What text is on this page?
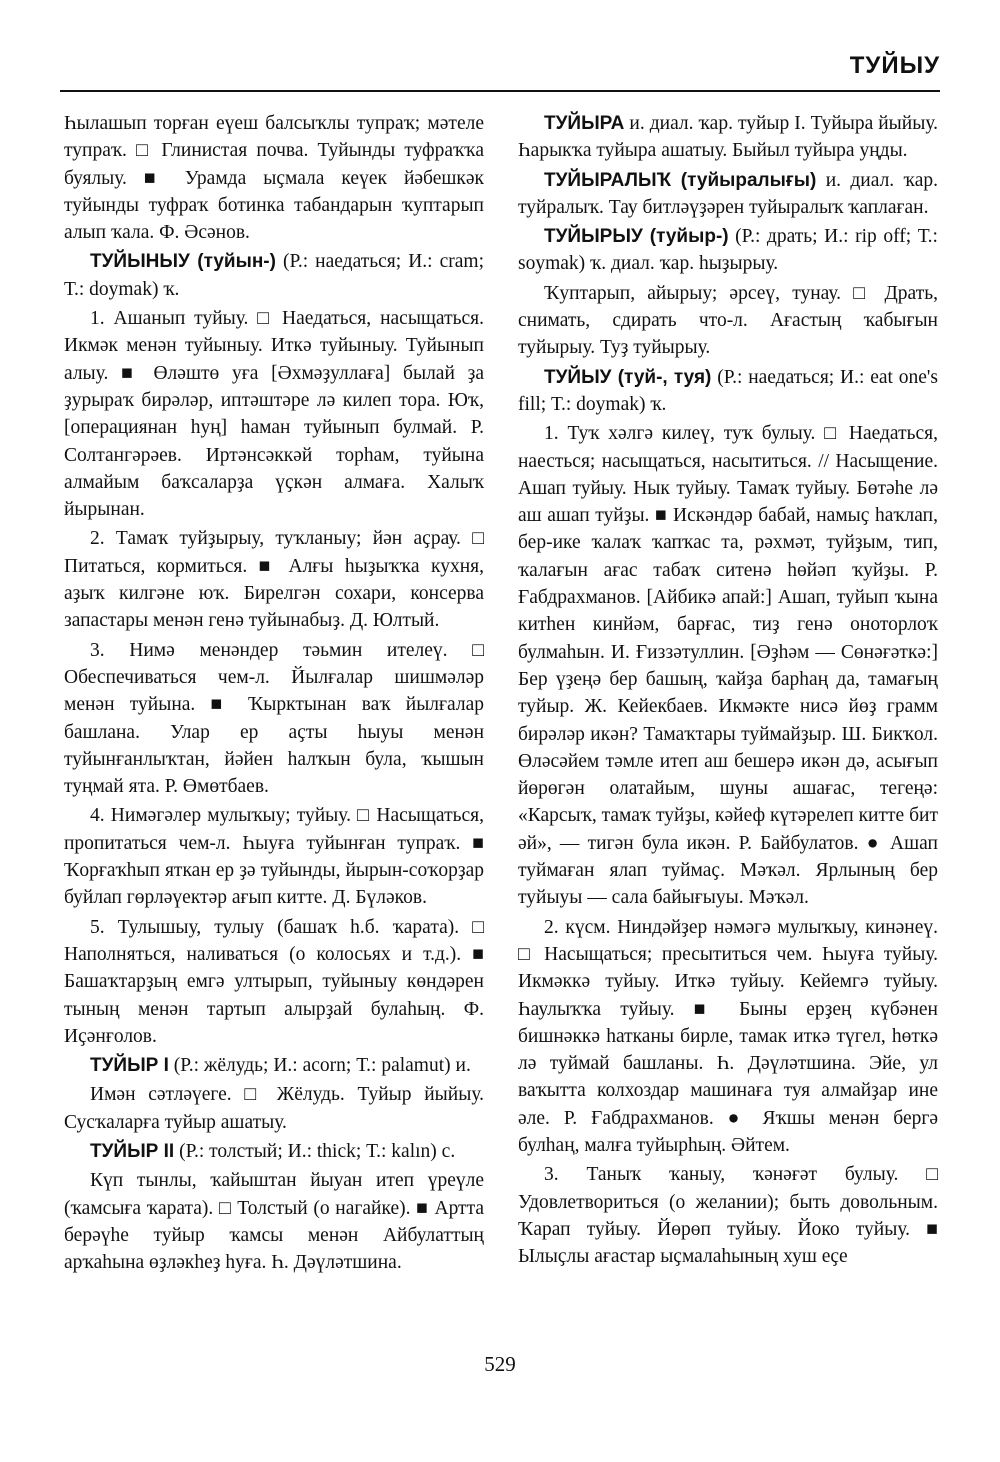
ТУЙЫУ

Һылашып торған еүеш балсыҡлы тупраҡ; мәтеле тупраҡ. □ Глинистая почва. Туйынды туфраҡҡа буялыу. ■ Урамда ыҫмала кеүек йәбешкәк туйынды туфраҡ ботинка табандарын ҡуптарып алып ҡала. Ф. Әсәнов.

ТУЙЫНЫУ (туйын-) (Р.: наедаться; И.: cram; Т.: doymak) ҡ.

1. Ашанып туйыу. □ Наедаться, насыщаться. Икмәк менән туйыныу. Иткә туйыныу. Туйынып алыу. ■ Өләштө уға [Әхмәҙуллаға] былай ҙа ҙурыраҡ бирәләр, иптәштәре лә килеп тора. Юҡ, [операциянан һуң] һаман туйынып булмай. Р. Солтангәрәев. Иртәнсәккәй торһам, туйына алмайым баҡсаларҙа үҫкән алмаға. Халыҡ йырынан.

2. Тамаҡ туйҙырыу, туҡланыу; йән аҫрау. □ Питаться, кормиться. ■ Алғы һыҙыҡҡа кухня, аҙыҡ килгәне юҡ. Бирелгән сохари, консерва запастары менән генә туйынабыҙ. Д. Юлтый.

3. Нимә менәндер тәьмин ителеү. □ Обеспечиваться чем-л. Йылғалар шишмәләр менән туйына. ■ Ҡырктынан ваҡ йылғалар башлана. Улар ер аҫты һыуы менән туйынғанлыҡтан, йәйен һалҡын була, ҡышын туңмай ята. Р. Өмөтбаев.

4. Нимәгәлер мулыҡыу; туйыу. □ Насыщаться, пропитаться чем-л. Һыуға туйынған тупраҡ. ■ Ҡорғаҡһып яткан ер ҙә туйынды, йырын-соҡорҙар буйлап гөрләүектәр ағып китте. Д. Бүләков.

5. Тулышыу, тулыу (башаҡ һ.б. ҡарата). □ Наполняться, наливаться (о колосьях и т.д.). ■ Башаҡтарҙың емгә ултырып, туйыныу көндәрен тының менән тартып алырҙай булаһың. Ф. Иҫәнғолов.

ТУЙЫР I (Р.: жёлудь; И.: acorn; Т.: palamut) и.

Имән сәтләүеге. □ Жёлудь. Туйыр йыйыу. Сусҡаларға туйыр ашатыу.

ТУЙЫР II (Р.: толстый; И.: thick; Т.: kalın) с.

Күп тынлы, ҡайыштан йыуан итеп үреүле (ҡамсыға ҡарата). □ Толстый (о нагайке). ■ Артта берәүһе туйыр ҡамсы менән Айбулаттың арҡаһына өҙләкһеҙ һуға. Һ. Дәүләтшина.

ТУЙЫРА и. диал. ҡар. туйыр I. Туйыра йыйыу. Һарыкҡа туйыра ашатыу. Быйыл туйыра уңды.

ТУЙЫРАЛЫҠ (туйыралығы) и. диал. ҡар. туйралыҡ. Тау битләүҙәрен туйыралыҡ ҡаплаған.

ТУЙЫРЫУ (туйыр-) (Р.: драть; И.: rip off; Т.: soymak) ҡ. диал. ҡар. һыҙырыу.

Ҡуптарып, айырыу; әрсеү, тунау. □ Драть, снимать, сдирать что-л. Ағастың ҡабығын туйырыу. Туҙ туйырыу.

ТУЙЫУ (туй-, туя) (Р.: наедаться; И.: eat one's fill; Т.: doymak) ҡ.

1. Туҡ хәлгә килеү, туҡ булыу. □ Наедаться, наесться; насыщаться, насытиться. // Насыщение. Ашап туйыу. Нык туйыу. Тамаҡ туйыу. Бөтәһе лә аш ашап туйҙы. ■ Искәндәр бабай, намыҫ һаҡлап, бер-ике ҡалаҡ ҡапҡас та, рәхмәт, туйҙым, тип, ҡалағын ағас табаҡ ситенә һөйәп ҡуйҙы. Р. Ғабдрахманов. [Айбикә апай:] Ашап, туйып ҡына китһен кинйәм, барғас, тиҙ генә оноторлоҡ булмаһын. И. Ғиззәтуллин. [Әҙһәм — Сөнәғәткә:] Бер үҙеңә бер башың, ҡайҙа барһаң да, тамағың туйыр. Ж. Кейекбаев. Икмәкте нисә йөҙ грамм бирәләр икән? Тамаҡтары туймайҙыр. Ш. Бикҡол. Өләсәйем тәмле итеп аш бешерә икән дә, асығып йөрөгән олатайым, шуны ашағас, тегеңә: «Карсыҡ, тамаҡ туйҙы, кәйеф күтәрелеп китте бит әй», — тигән була икән. Р. Байбулатов. ● Ашап туймаған ялап туймаҫ. Мәҡәл. Ярлының бер туйыуы — сала байығыуы. Мәҡәл.

2. күсм. Ниндәйҙер нәмәгә мулыҡыу, кинәнеү. □ Насыщаться; пресытиться чем. Һыуға туйыу. Икмәккә туйыу. Иткә туйыу. Кейемгә туйыу. Һаулыҡҡа туйыу. ■ Быны ерҙең күбәнен бишнәккә һатканы бирле, тамак иткә түгел, һөткә лә туймай башланы. Һ. Дәүләтшина. Эйе, ул ваҡытта колхоздар машинаға туя алмайҙар ине әле. Р. Ғабдрахманов. ● Яҡшы менән бергә булһаң, малға туйырһың. Әйтем.

3. Таныҡ ҡаныу, ҡәнәғәт булыу. □ Удовлетвориться (о желании); быть довольным. Ҡарап туйыу. Йөрөп туйыу. Йоко туйыу. ■ Ылыҫлы ағастар ыҫмалаһының хуш еҫе

529
